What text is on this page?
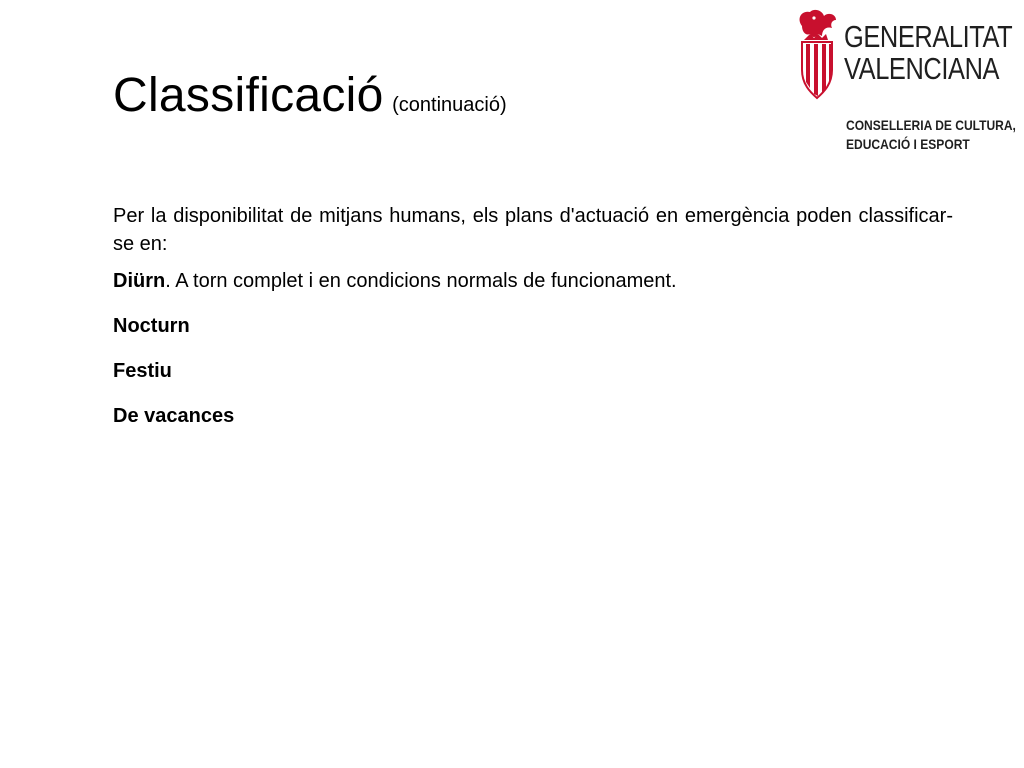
Classificació (continuació)
GENERALITAT
VALENCIANA
CONSELLERIA DE CULTURA,
EDUCACIÓ I ESPORT

Per la disponibilitat de mitjans humans, els plans d'actuació en emergència poden classificar-se en:

Diürn. A torn complet i en condicions normals de funcionament.

Nocturn

Festiu

De vacances
